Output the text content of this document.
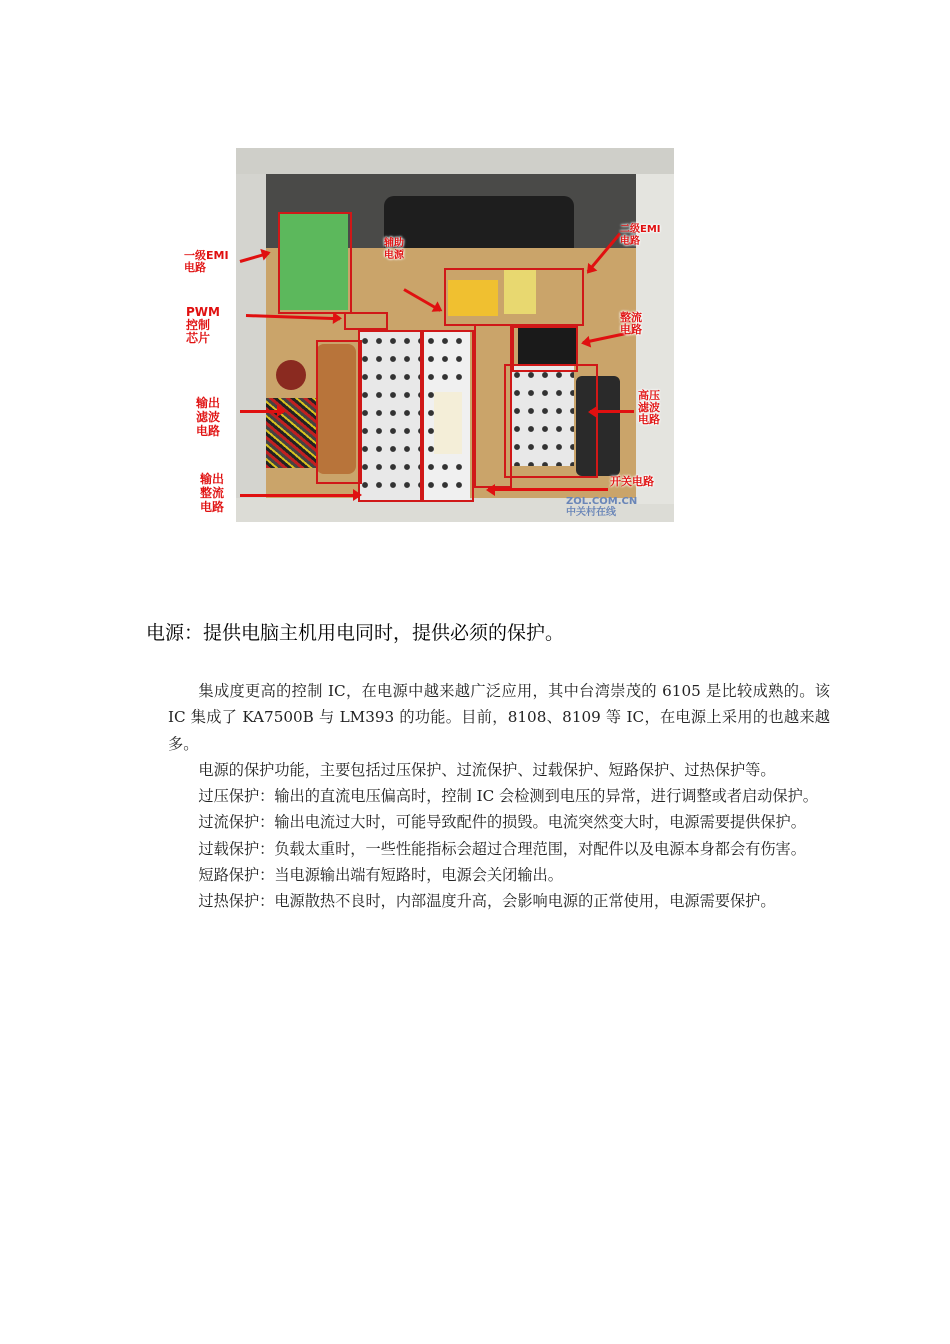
辅助
电源
二级EMI
电路
整流
电路
高压
滤波
电路
开关电路
一级EMI
电路
PWM
控制
芯片
输出
滤波
电路
输出
整流
电路	ZOL.COM.CN
中关村在线
电源：提供电脑主机用电同时，提供必须的保护。

集成度更高的控制 IC，在电源中越来越广泛应用，其中台湾崇茂的 6105 是比较成熟的。该 IC 集成了 KA7500B 与 LM393 的功能。目前，8108、8109 等 IC，在电源上采用的也越来越多。

电源的保护功能，主要包括过压保护、过流保护、过载保护、短路保护、过热保护等。

过压保护：输出的直流电压偏高时，控制 IC 会检测到电压的异常，进行调整或者启动保护。

过流保护：输出电流过大时，可能导致配件的损毁。电流突然变大时，电源需要提供保护。

过载保护：负载太重时，一些性能指标会超过合理范围，对配件以及电源本身都会有伤害。

短路保护：当电源输出端有短路时，电源会关闭输出。

过热保护：电源散热不良时，内部温度升高，会影响电源的正常使用，电源需要保护。
